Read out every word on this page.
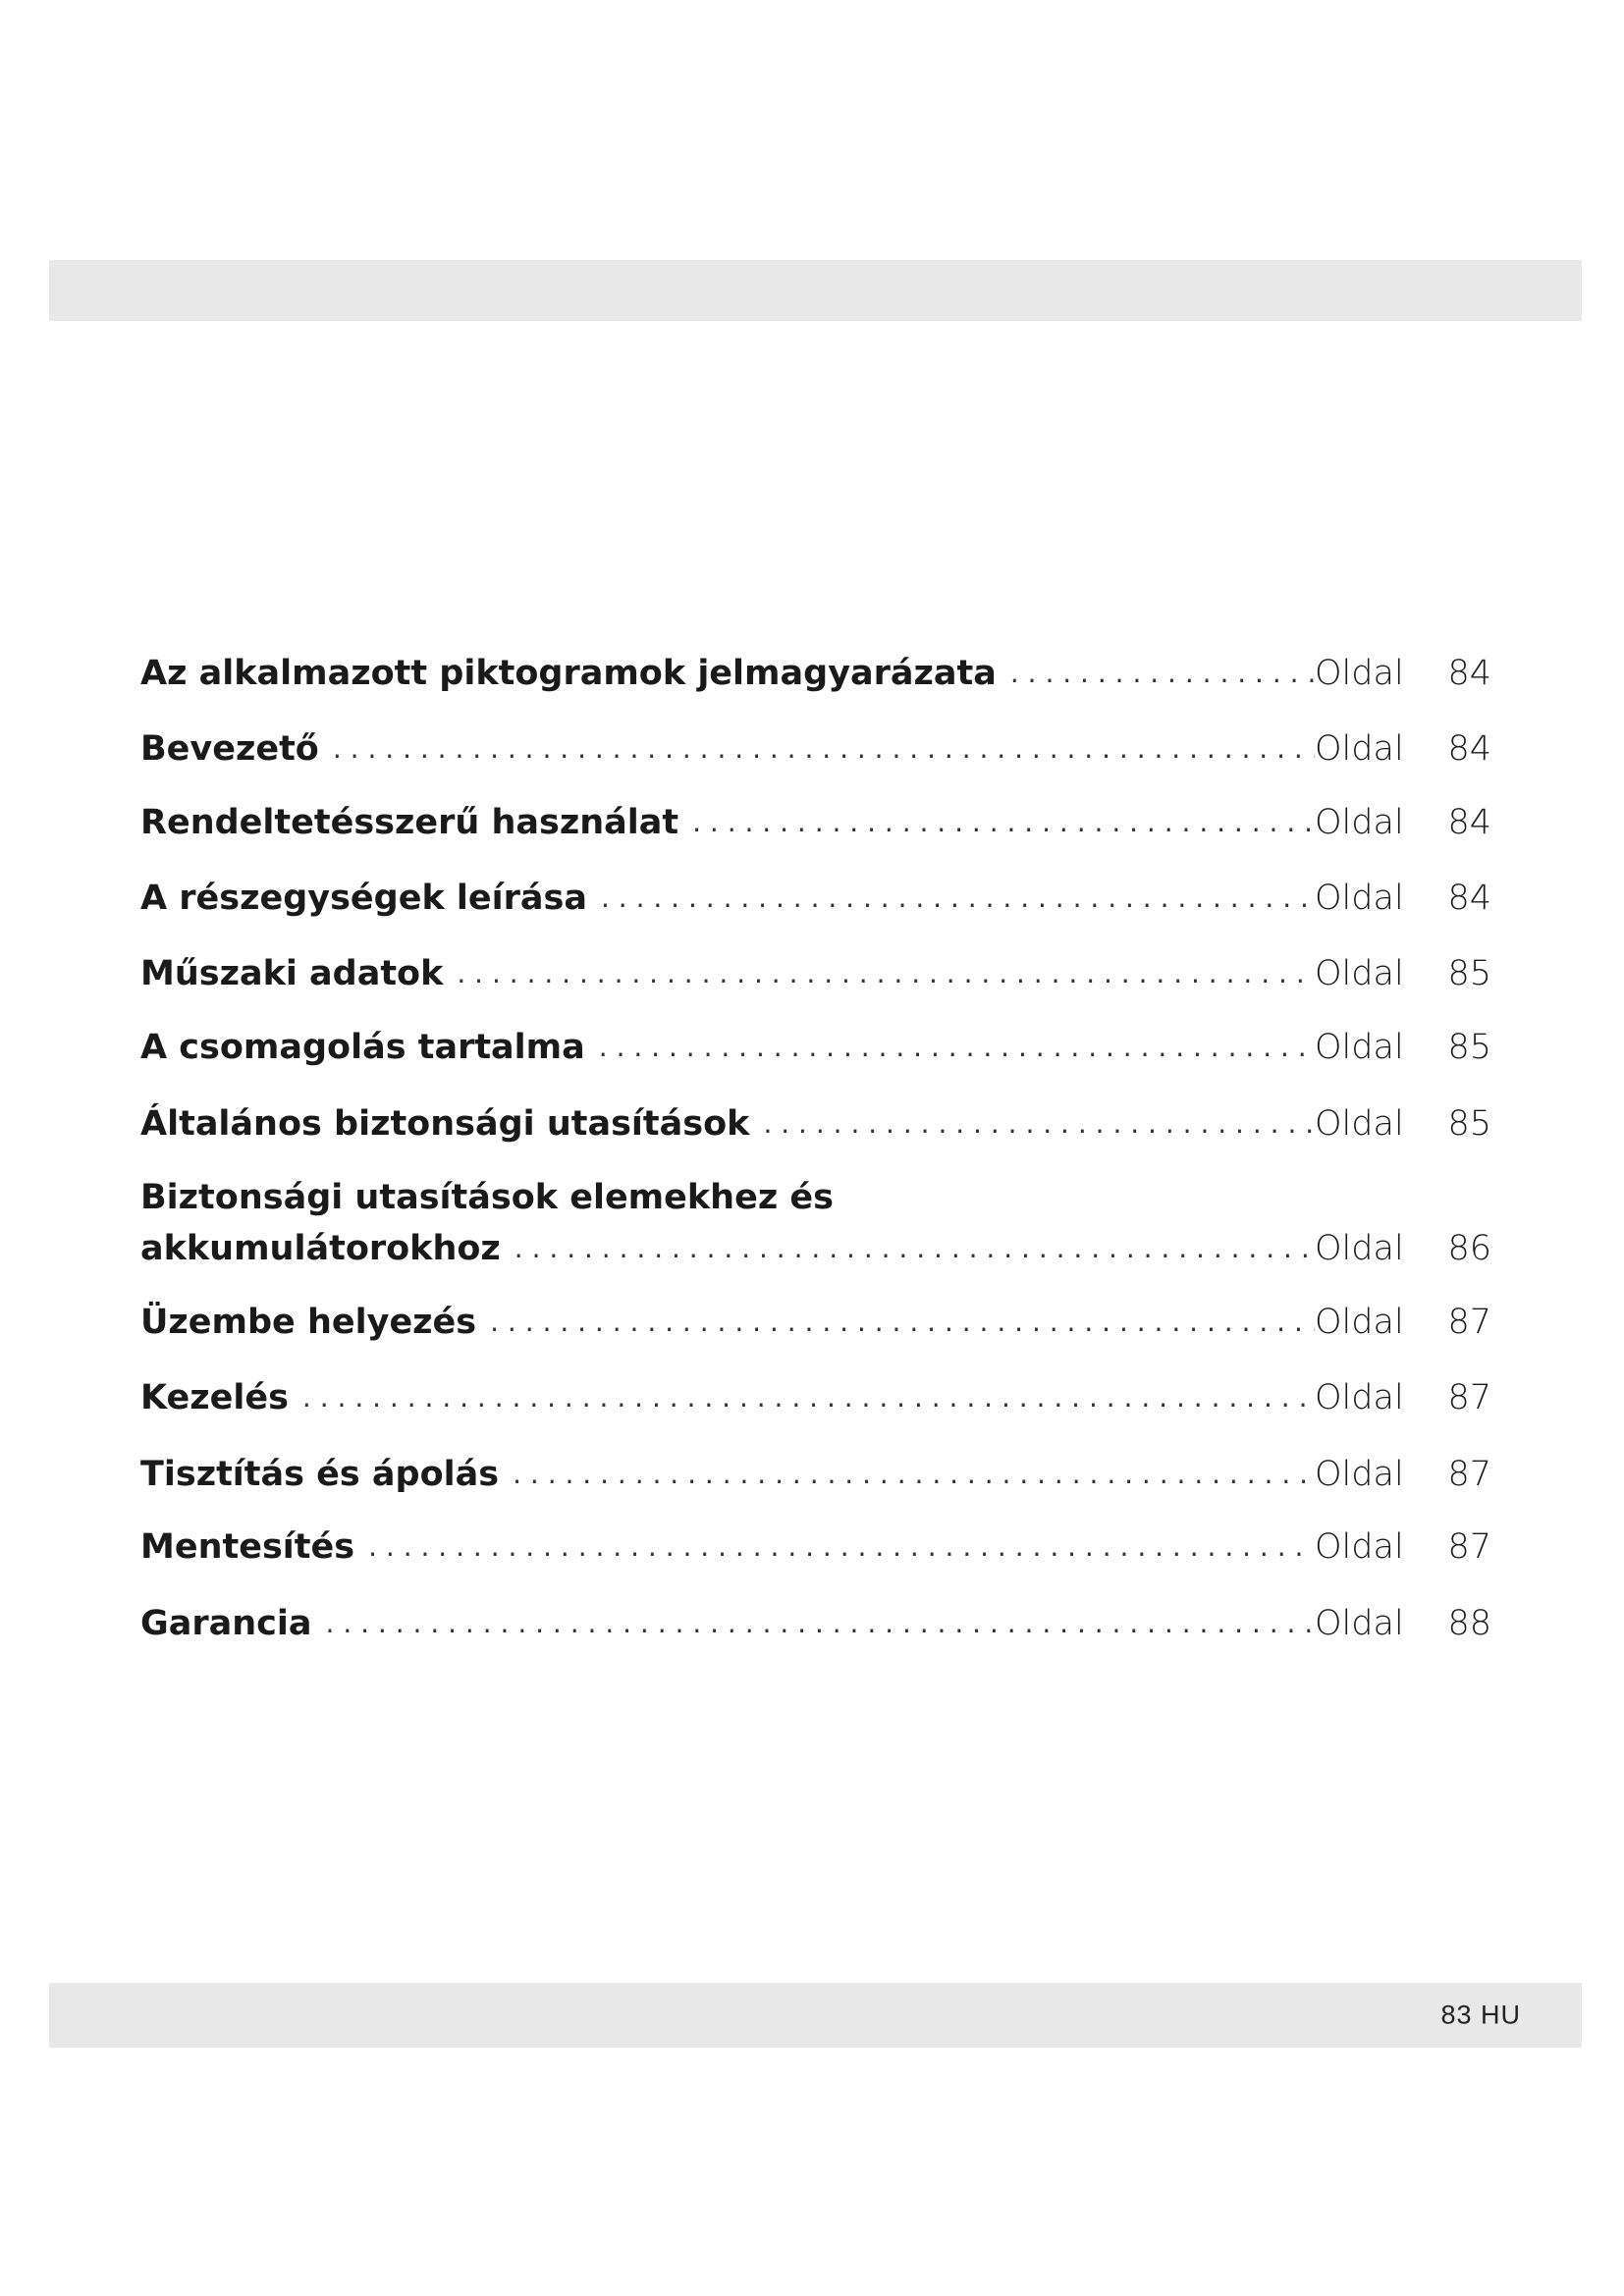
Az alkalmazott piktogramok jelmagyarázata . . .	Oldal 84
Bevezető . . .	Oldal 84
Rendeltetésszerű használat . . .	Oldal 84
A részegységek leírása . . .	Oldal 84
Műszaki adatok . . .	Oldal 85
A csomagolás tartalma . . .	Oldal 85
Általános biztonsági utasítások . . .	Oldal 85
Biztonsági utasítások elemekhez és
akkumulátorokhoz . . .	Oldal 86
Üzembe helyezés . . .	Oldal 87
Kezelés . . .	Oldal 87
Tisztítás és ápolás . . .	Oldal 87
Mentesítés . . .	Oldal 87
Garancia . . .	Oldal 88
83 HU
